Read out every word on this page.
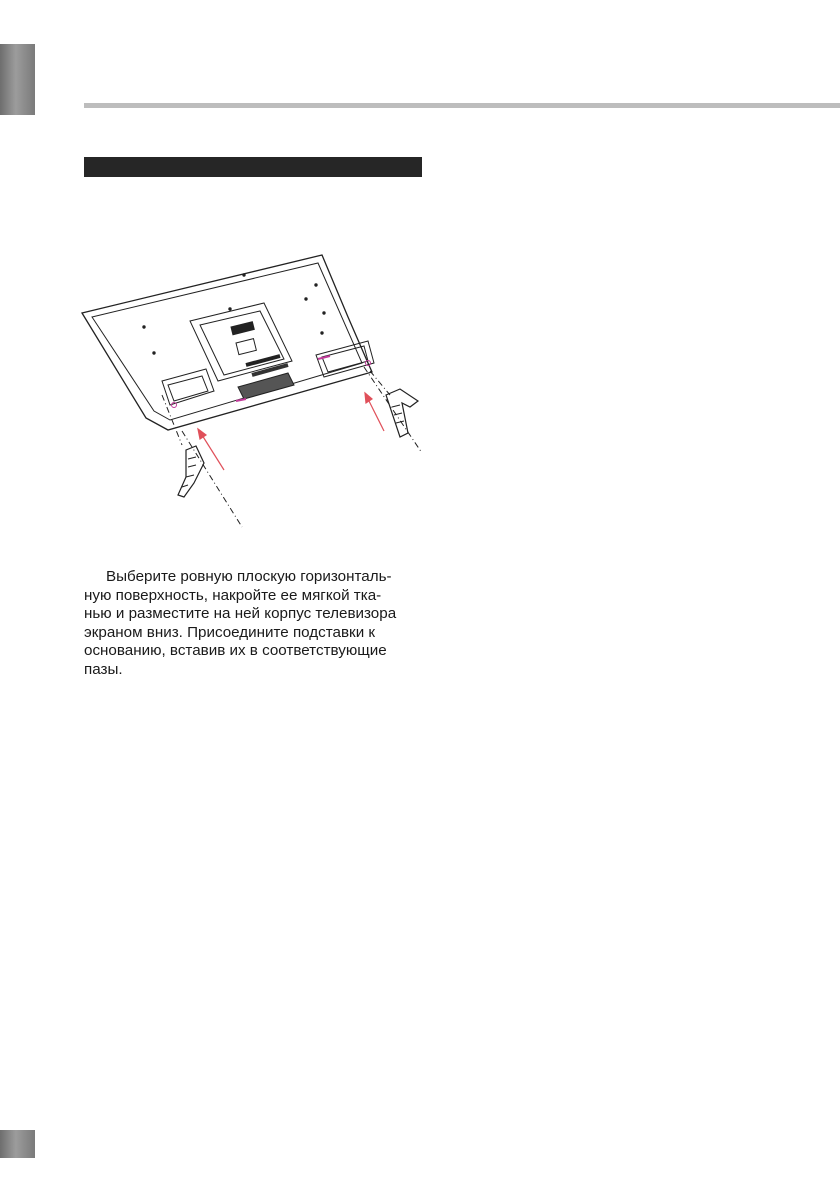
Выберите ровную плоскую горизонталь-
ную поверхность, накройте ее мягкой тка-
нью и разместите на ней корпус телевизора
экраном вниз. Присоедините подставки к
основанию, вставив их в соответствующие
пазы.
